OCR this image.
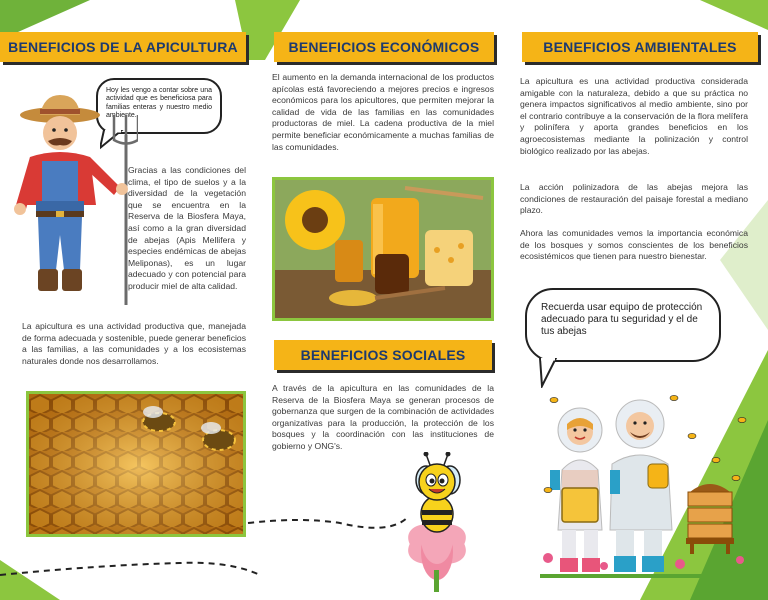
BENEFICIOS DE LA APICULTURA
Hoy les vengo a contar sobre una actividad que es beneficiosa para familias enteras y nuestro medio ambiente.
Gracias a las condiciones del clima, el tipo de suelos y a la diversidad de la vegetación que se encuentra en la Reserva de la Biosfera Maya, así como a la gran diversidad de abejas (Apis Mellifera y especies endémicas de abejas Meliponas), es un lugar adecuado y con potencial para producir miel de alta calidad.
La apicultura es una actividad productiva que, manejada de forma adecuada y sostenible, puede generar beneficios a las familias, a las comunidades y a los ecosistemas naturales donde nos desarrollamos.
BENEFICIOS ECONÓMICOS
El aumento en la demanda internacional de los productos apícolas está favoreciendo a mejores precios e ingresos económicos para los apicultores, que permiten mejorar la calidad de vida de las familias en las comunidades productoras de miel. La cadena productiva de la miel permite beneficiar económicamente a muchas familias de las comunidades.
BENEFICIOS SOCIALES
A través de la apicultura en las comunidades de la Reserva de la Biosfera Maya se generan procesos de gobernanza que surgen de la combinación de actividades organizativas para la producción, la protección de los bosques y la coordinación con las instituciones de gobierno y ONG's.
BENEFICIOS AMBIENTALES
La apicultura es una actividad productiva considerada amigable con la naturaleza, debido a que su práctica no genera impactos significativos al medio ambiente, sino por el contrario contribuye a la conservación de la flora melífera y polinífera y aporta grandes beneficios en los agroecosistemas mediante la polinización y control biológico realizado por las abejas.
La acción polinizadora de las abejas mejora las condiciones de restauración del paisaje forestal a mediano plazo.
Ahora las comunidades vemos la importancia económica de los bosques y somos conscientes de los beneficios ecosistémicos que tienen para nuestro bienestar.
Recuerda usar equipo de protección adecuado para tu seguridad y el de tus abejas
